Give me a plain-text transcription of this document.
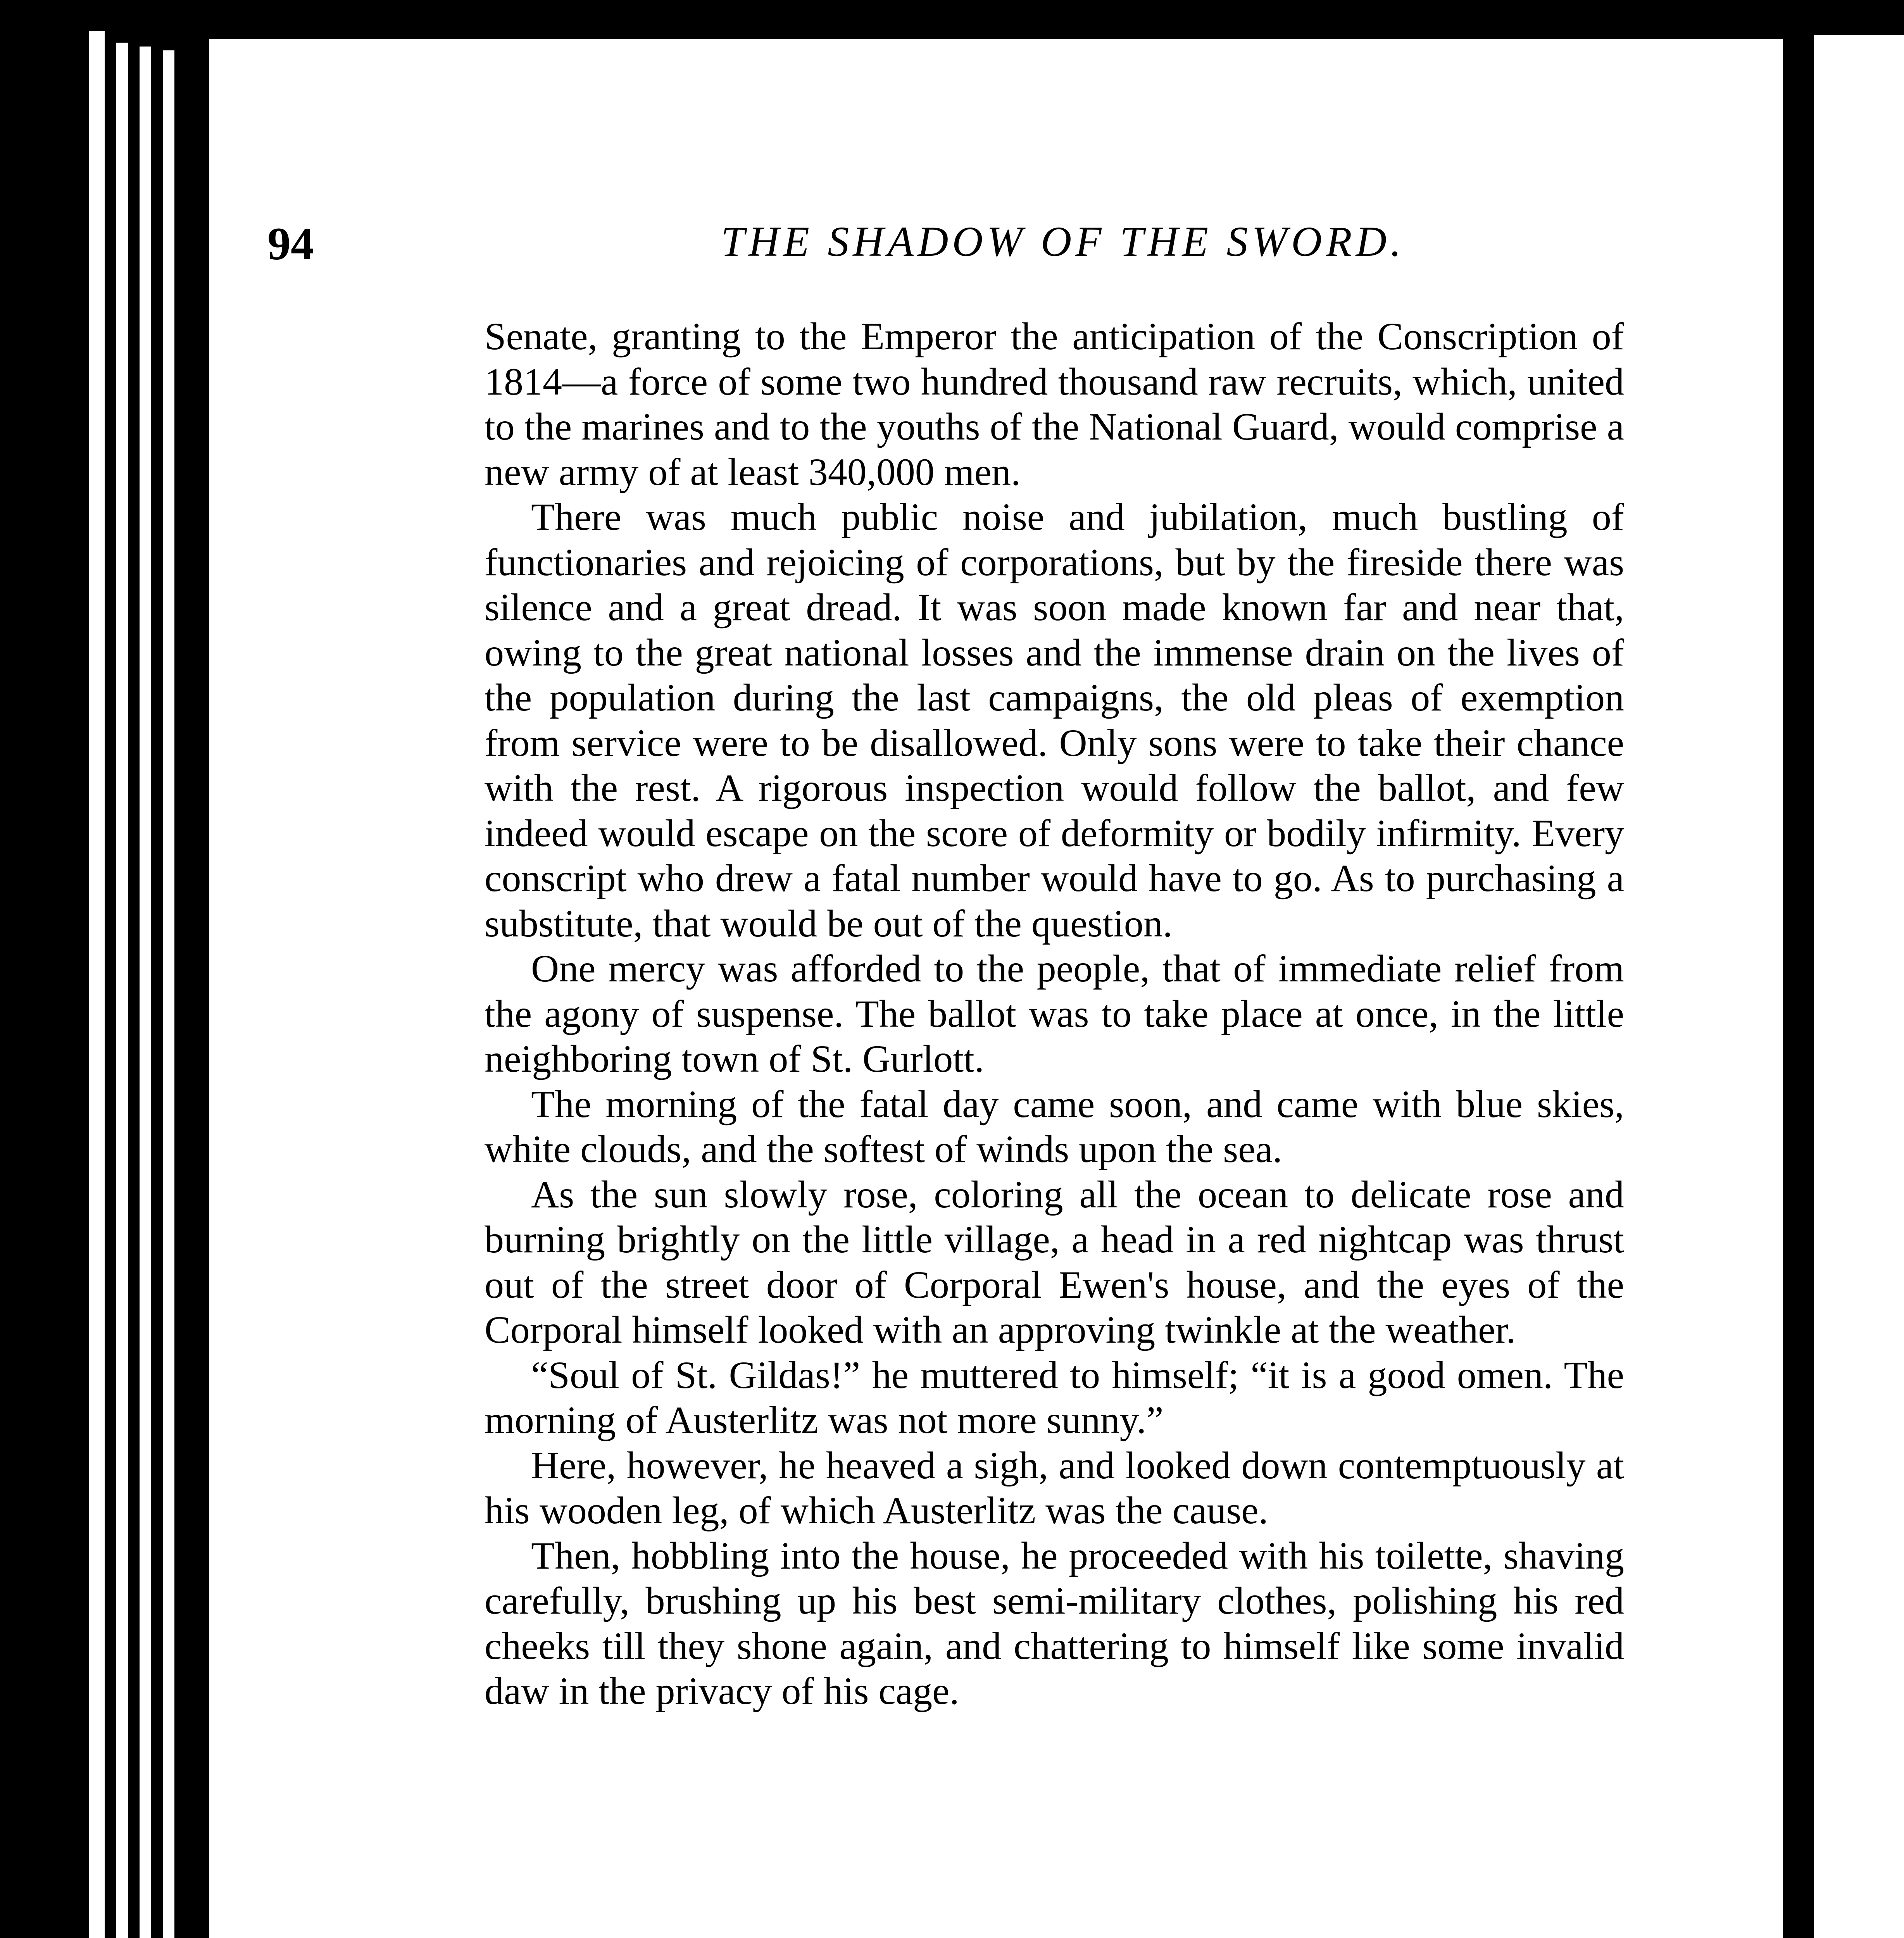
94	THE SHADOW OF THE SWORD.

Senate, granting to the Emperor the anticipation of the Conscription of 1814—a force of some two hundred thousand raw recruits, which, united to the marines and to the youths of the National Guard, would comprise a new army of at least 340,000 men.

There was much public noise and jubilation, much bustling of functionaries and rejoicing of corporations, but by the fireside there was silence and a great dread. It was soon made known far and near that, owing to the great national losses and the immense drain on the lives of the population during the last campaigns, the old pleas of exemption from service were to be disallowed. Only sons were to take their chance with the rest. A rigorous inspection would follow the ballot, and few indeed would escape on the score of deformity or bodily infirmity. Every conscript who drew a fatal number would have to go. As to purchasing a substitute, that would be out of the question.

One mercy was afforded to the people, that of immediate relief from the agony of suspense. The ballot was to take place at once, in the little neighboring town of St. Gurlott.

The morning of the fatal day came soon, and came with blue skies, white clouds, and the softest of winds upon the sea.

As the sun slowly rose, coloring all the ocean to delicate rose and burning brightly on the little village, a head in a red nightcap was thrust out of the street door of Corporal Ewen's house, and the eyes of the Corporal himself looked with an approving twinkle at the weather.

“Soul of St. Gildas!” he muttered to himself; “it is a good omen. The morning of Austerlitz was not more sunny.”

Here, however, he heaved a sigh, and looked down contemptuously at his wooden leg, of which Austerlitz was the cause.

Then, hobbling into the house, he proceeded with his toilette, shaving carefully, brushing up his best semi-military clothes, polishing his red cheeks till they shone again, and chattering to himself like some invalid daw in the privacy of his cage.
